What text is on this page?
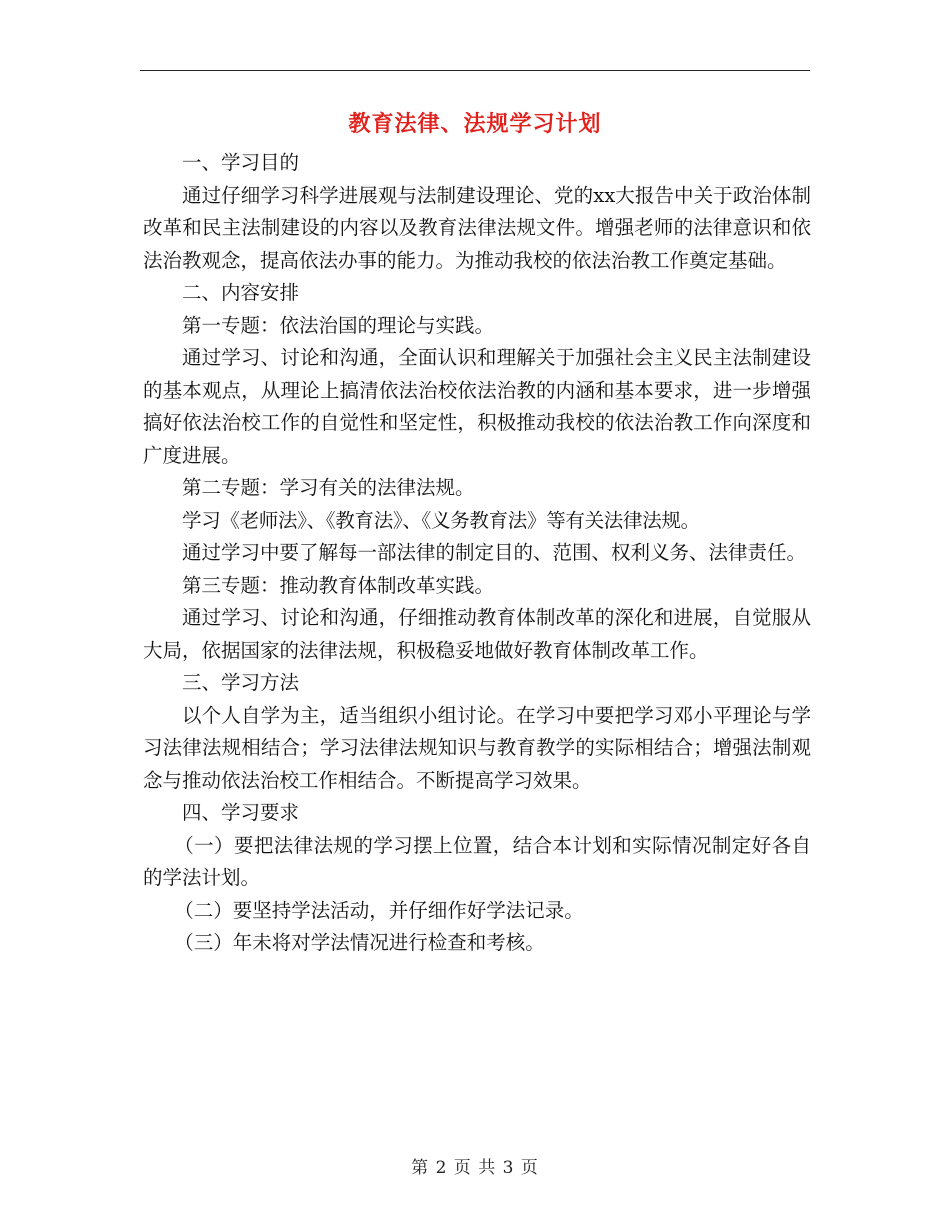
教育法律、法规学习计划

一、学习目的

通过仔细学习科学进展观与法制建设理论、党的xx大报告中关于政治体制改革和民主法制建设的内容以及教育法律法规文件。增强老师的法律意识和依法治教观念，提高依法办事的能力。为推动我校的依法治教工作奠定基础。

二、内容安排

第一专题：依法治国的理论与实践。

通过学习、讨论和沟通，全面认识和理解关于加强社会主义民主法制建设的基本观点，从理论上搞清依法治校依法治教的内涵和基本要求，进一步增强搞好依法治校工作的自觉性和坚定性，积极推动我校的依法治教工作向深度和广度进展。

第二专题：学习有关的法律法规。

学习《老师法》、《教育法》、《义务教育法》等有关法律法规。

通过学习中要了解每一部法律的制定目的、范围、权利义务、法律责任。

第三专题：推动教育体制改革实践。

通过学习、讨论和沟通，仔细推动教育体制改革的深化和进展，自觉服从大局，依据国家的法律法规，积极稳妥地做好教育体制改革工作。

三、学习方法

以个人自学为主，适当组织小组讨论。在学习中要把学习邓小平理论与学习法律法规相结合；学习法律法规知识与教育教学的实际相结合；增强法制观念与推动依法治校工作相结合。不断提高学习效果。

四、学习要求

（一）要把法律法规的学习摆上位置，结合本计划和实际情况制定好各自的学法计划。

（二）要坚持学法活动，并仔细作好学法记录。

（三）年未将对学法情况进行检查和考核。

第 2 页 共 3 页
